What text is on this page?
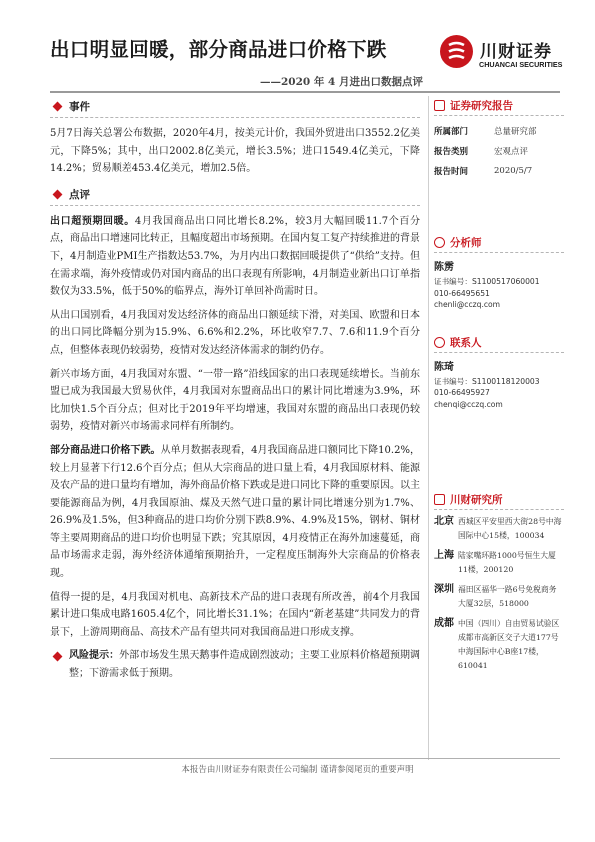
出口明显回暖，部分商品进口价格下跌
——2020 年 4 月进出口数据点评
川财证券
CHUANCAI SECURITIES
事件

5月7日海关总署公布数据，2020年4月，按美元计价，我国外贸进出口3552.2亿美元，下降5%；其中，出口2002.8亿美元，增长3.5%；进口1549.4亿美元，下降14.2%；贸易顺差453.4亿美元，增加2.5倍。

点评

出口超预期回暖。4月我国商品出口同比增长8.2%，较3月大幅回暖11.7个百分点，商品出口增速同比转正，且幅度超出市场预期。在国内复工复产持续推进的背景下，4月制造业PMI生产指数达53.7%，为月内出口数据回暖提供了“供给”支持。但在需求端，海外疫情或仍对国内商品的出口表现有所影响，4月制造业新出口订单指数仅为33.5%，低于50%的临界点，海外订单回补尚需时日。

从出口国别看，4月我国对发达经济体的商品出口额延续下滑，对美国、欧盟和日本的出口同比降幅分别为15.9%、6.6%和2.2%，环比收窄7.7、7.6和11.9个百分点，但整体表现仍较弱势，疫情对发达经济体需求的制约仍存。

新兴市场方面，4月我国对东盟、“一带一路”沿线国家的出口表现延续增长。当前东盟已成为我国最大贸易伙伴，4月我国对东盟商品出口的累计同比增速为3.9%，环比加快1.5个百分点；但对比于2019年平均增速，我国对东盟的商品出口表现仍较弱势，疫情对新兴市场需求同样有所制约。

部分商品进口价格下跌。从单月数据表现看，4月我国商品进口额同比下降10.2%，较上月显著下行12.6个百分点；但从大宗商品的进口量上看，4月我国原材料、能源及农产品的进口量均有增加，海外商品价格下跌或是进口同比下降的重要原因。以主要能源商品为例，4月我国原油、煤及天然气进口量的累计同比增速分别为1.7%、26.9%及1.5%，但3种商品的进口均价分别下跌8.9%、4.9%及15%，钢材、铜材等主要周期商品的进口均价也明显下跌；究其原因，4月疫情正在海外加速蔓延，商品市场需求走弱，海外经济体通缩预期抬升，一定程度压制海外大宗商品的价格表现。

值得一提的是，4月我国对机电、高新技术产品的进口表现有所改善，前4个月我国累计进口集成电路1605.4亿个，同比增长31.1%；在国内“新老基建”共同发力的背景下，上游周期商品、高技术产品有望共同对我国商品进口形成支撑。

风险提示：外部市场发生黑天鹅事件造成剧烈波动；主要工业原料价格超预期调整；下游需求低于预期。

证券研究报告
所属部门	总量研究部
报告类别	宏观点评
报告时间	2020/5/7
分析师
陈雳
证书编号：S1100517060001
010-66495651
chenli@cczq.com
联系人
陈琦
证书编号：S1100118120003
010-66495927
chenqi@cczq.com
川财研究所
北京 西城区平安里西大街28号中海国际中心15楼，100034
上海 陆家嘴环路1000号恒生大厦11楼，200120
深圳 福田区福华一路6号免税商务大厦32层，518000
成都 中国（四川）自由贸易试验区成都市高新区交子大道177号中海国际中心B座17楼，610041
本报告由川财证券有限责任公司编制 谨请参阅尾页的重要声明
